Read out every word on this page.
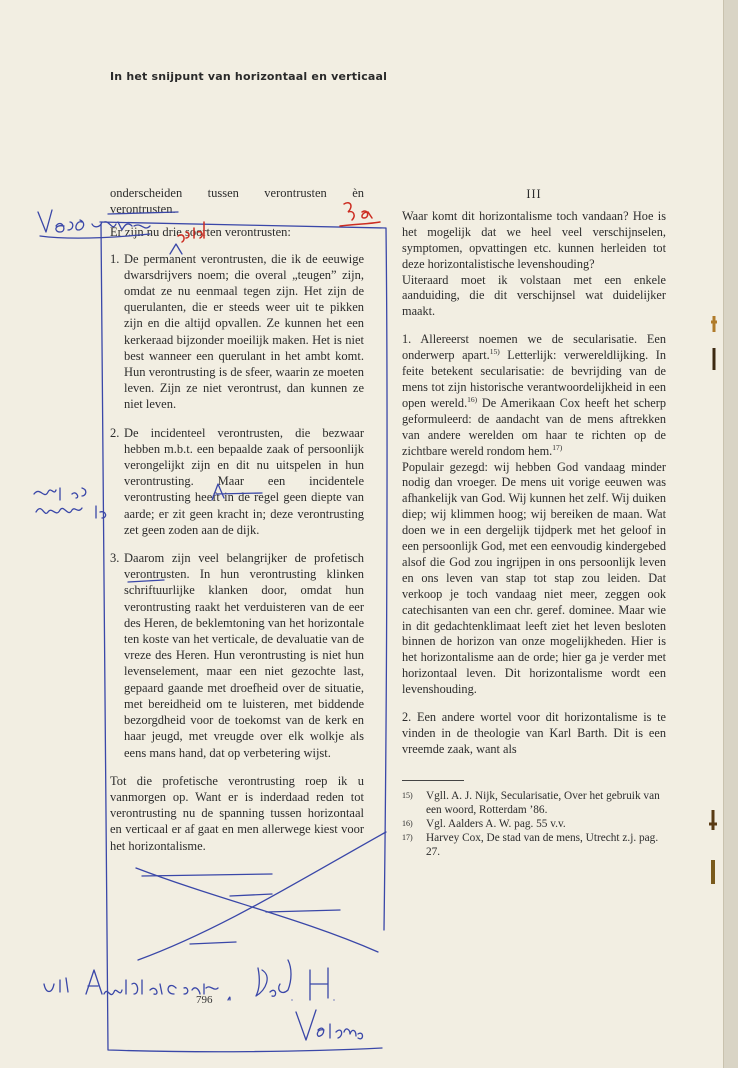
In het snijpunt van horizontaal en verticaal

onderscheiden tussen verontrusten èn verontrusten.

Er zijn nu drie soorten verontrusten:

1. De permanent verontrusten, die ik de eeuwige dwarsdrijvers noem; die overal „teugen” zijn, omdat ze nu eenmaal tegen zijn. Het zijn de querulanten, die er steeds weer uit te pikken zijn en die altijd opvallen. Ze kunnen het een kerkeraad bijzonder moeilijk maken. Het is niet best wanneer een querulant in het ambt komt. Hun verontrusting is de sfeer, waarin ze moeten leven. Zijn ze niet verontrust, dan kunnen ze niet leven.
2. De incidenteel verontrusten, die bezwaar hebben m.b.t. een bepaalde zaak of persoonlijk verongelijkt zijn en dit nu uitspelen in hun verontrusting. Maar een incidentele verontrusting heeft in de regel geen diepte van aarde; er zit geen kracht in; deze verontrusting zet geen zoden aan de dijk.
3. Daarom zijn veel belangrijker de profetisch verontrusten. In hun verontrusting klinken schriftuurlijke klanken door, omdat hun verontrusting raakt het verduisteren van de eer des Heren, de beklemtoning van het horizontale ten koste van het verticale, de devaluatie van de vreze des Heren. Hun verontrusting is niet hun levenselement, maar een niet gezochte last, gepaard gaande met droefheid over de situatie, met bereidheid om te luisteren, met biddende bezorgdheid voor de toekomst van de kerk en haar jeugd, met vreugde over elk wolkje als eens mans hand, dat op verbetering wijst.

Tot die profetische verontrusting roep ik u vanmorgen op. Want er is inderdaad reden tot verontrusting nu de spanning tussen horizontaal en verticaal er af gaat en men allerwege kiest voor het horizontalisme.

III

Waar komt dit horizontalisme toch vandaan? Hoe is het mogelijk dat we heel veel verschijnselen, symptomen, opvattingen etc. kunnen herleiden tot deze horizontalistische levenshouding?

Uiteraard moet ik volstaan met een enkele aanduiding, die dit verschijnsel wat duidelijker maakt.

1. Allereerst noemen we de secularisatie. Een onderwerp apart.$^{15)}$ Letterlijk: verwereldlijking. In feite betekent secularisatie: de bevrijding van de mens tot zijn historische verantwoordelijkheid in een open wereld.$^{16)}$ De Amerikaan Cox heeft het scherp geformuleerd: de aandacht van de mens aftrekken van andere werelden om haar te richten op de zichtbare wereld rondom hem.$^{17)}$

Populair gezegd: wij hebben God vandaag minder nodig dan vroeger. De mens uit vorige eeuwen was afhankelijk van God. Wij kunnen het zelf. Wij duiken diep; wij klimmen hoog; wij bereiken de maan. Wat doen we in een dergelijk tijdperk met het geloof in een persoonlijk God, met een eenvoudig kindergebed alsof die God zou ingrijpen in ons persoonlijk leven en ons leven van stap tot stap zou leiden. Dat verkoop je toch vandaag niet meer, zeggen ook catechisanten van een chr. geref. dominee. Maar wie in dit gedachtenklimaat leeft ziet het leven besloten binnen de horizon van onze mogelijkheden. Hier is het horizontalisme aan de orde; hier ga je verder met horizontaal leven. Dit horizontalisme wordt een levenshouding.

2. Een andere wortel voor dit horizontalisme is te vinden in de theologie van Karl Barth. Dit is een vreemde zaak, want als

15)	Vgll. A. J. Nijk, Secularisatie, Over het gebruik van een woord, Rotterdam ’86.
16)	Vgl. Aalders A. W. pag. 55 v.v.
17)	Harvey Cox, De stad van de mens, Utrecht z.j. pag. 27.
796
